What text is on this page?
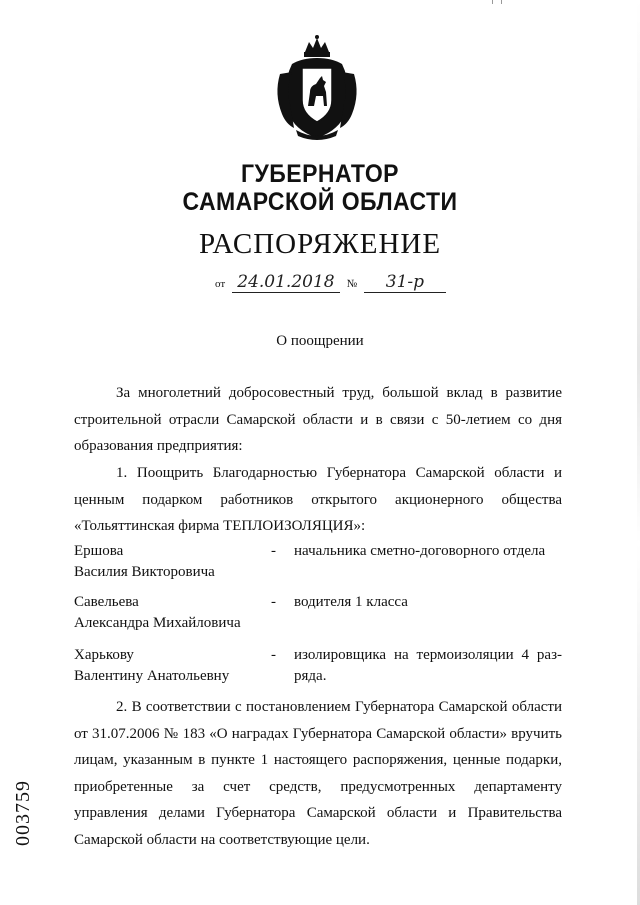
ГУБЕРНАТОР
САМАРСКОЙ ОБЛАСТИ
РАСПОРЯЖЕНИЕ
от 24.01.2018 № 31-р
О поощрении
За многолетний добросовестный труд, большой вклад в развитие строительной отрасли Самарской области и в связи с 50-летием со дня образования предприятия:
1. Поощрить Благодарностью Губернатора Самарской области и ценным подарком работников открытого акционерного общества «Тольяттинская фирма ТЕПЛОИЗОЛЯЦИЯ»:
Ершова
Василия Викторовича
- начальника сметно-договорного отдела
Савельева
Александра Михайловича
- водителя 1 класса
Харькову
Валентину Анатольевну
- изолировщика на термоизоляции 4 раз-ряда.
2. В соответствии с постановлением Губернатора Самарской области от 31.07.2006 № 183 «О наградах Губернатора Самарской области» вручить лицам, указанным в пункте 1 настоящего распоряжения, ценные подарки, приобретенные за счет средств, предусмотренных департаменту управления делами Губернатора Самарской области и Правительства Самарской области на соответствующие цели.
003759
